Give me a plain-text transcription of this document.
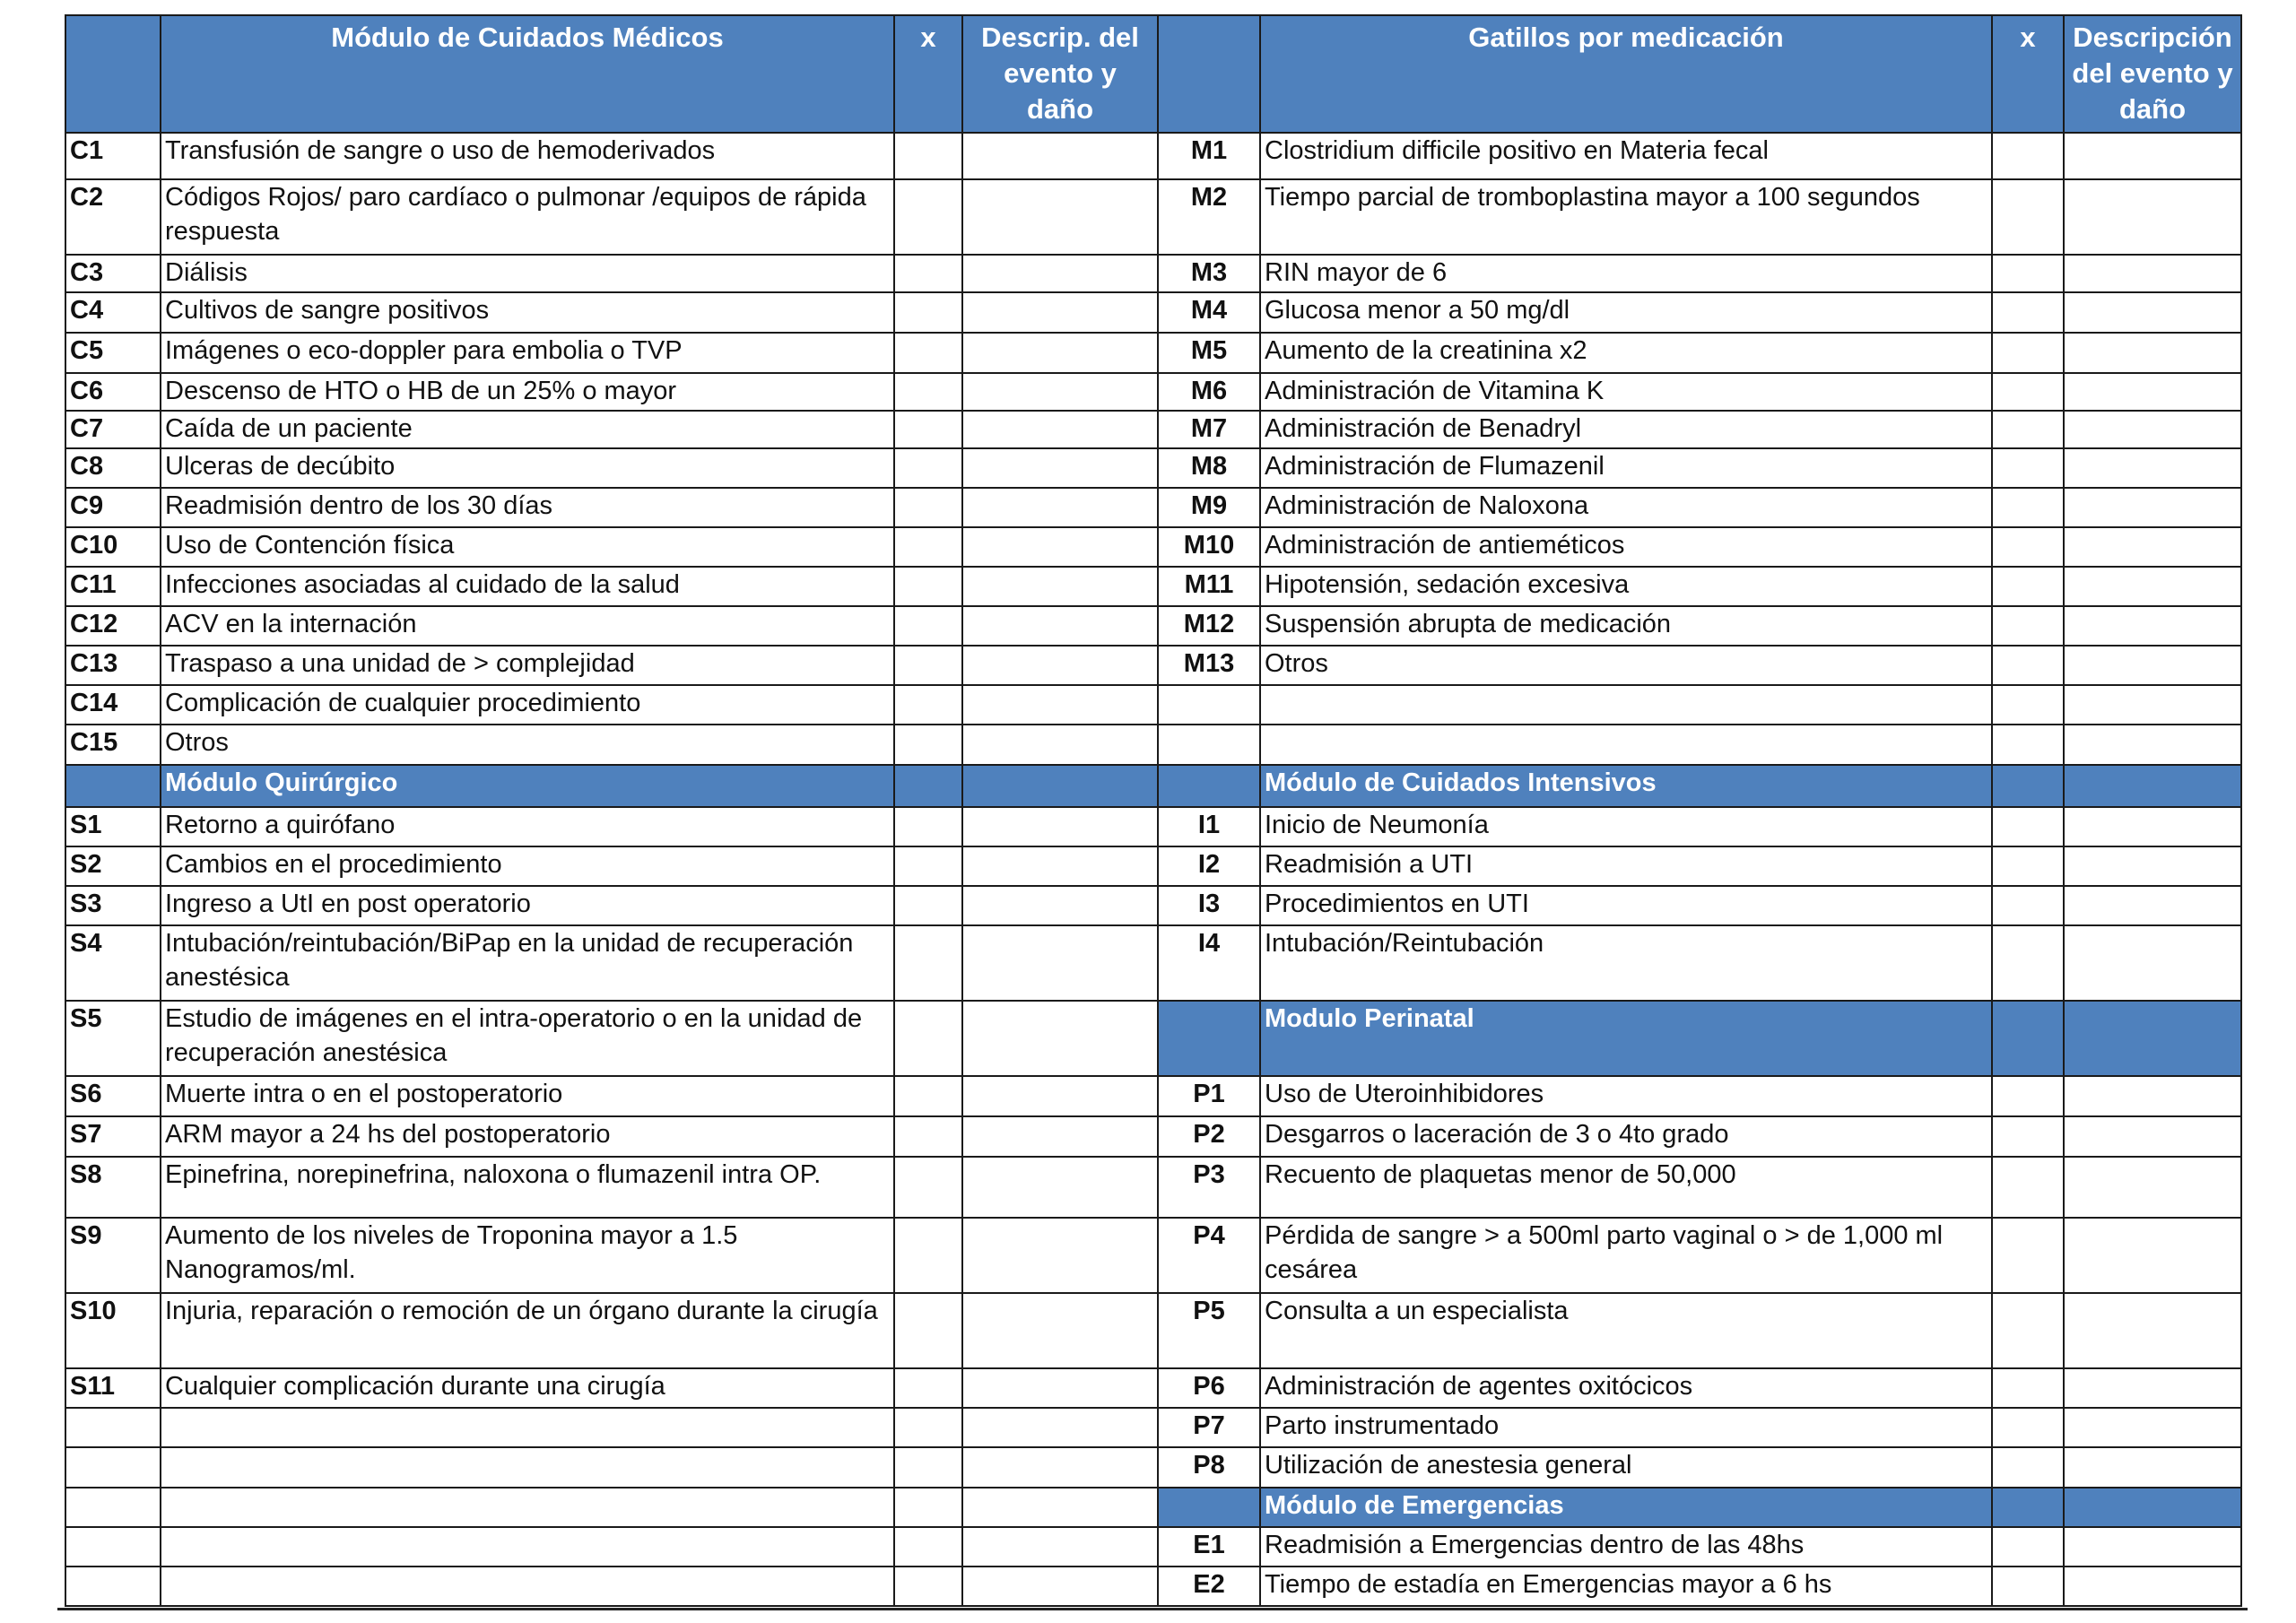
	Módulo de Cuidados Médicos	x	Descrip. del evento y daño		Gatillos por medicación	x	Descripción del evento y daño
C1	Transfusión de sangre o uso de hemoderivados			M1	Clostridium difficile positivo en Materia fecal		
C2	Códigos Rojos/ paro cardíaco o pulmonar /equipos de rápida respuesta			M2	Tiempo parcial de tromboplastina mayor a 100 segundos		
C3	Diálisis			M3	RIN mayor de 6		
C4	Cultivos de sangre positivos			M4	Glucosa menor a 50 mg/dl		
C5	Imágenes o eco-doppler para embolia o TVP			M5	Aumento de la creatinina x2		
C6	Descenso de HTO o HB de un 25% o mayor			M6	Administración de Vitamina K		
C7	Caída de un paciente			M7	Administración de Benadryl		
C8	Ulceras de decúbito			M8	Administración de Flumazenil		
C9	Readmisión dentro de los 30 días			M9	Administración de Naloxona		
C10	Uso de Contención física			M10	Administración de antieméticos		
C11	Infecciones asociadas al cuidado de la salud			M11	Hipotensión, sedación excesiva		
C12	ACV en la internación			M12	Suspensión abrupta de medicación		
C13	Traspaso a una unidad de > complejidad			M13	Otros		
C14	Complicación de cualquier procedimiento						
C15	Otros						
	Módulo Quirúrgico				Módulo de Cuidados Intensivos		
S1	Retorno a quirófano			I1	Inicio de Neumonía		
S2	Cambios en el procedimiento			I2	Readmisión a UTI		
S3	Ingreso a UtI en post operatorio			I3	Procedimientos en UTI		
S4	Intubación/reintubación/BiPap en la unidad de recuperación anestésica			I4	Intubación/Reintubación		
S5	Estudio de imágenes en el intra-operatorio o en la unidad de recuperación anestésica				Modulo Perinatal		
S6	Muerte intra o en el postoperatorio			P1	Uso de Uteroinhibidores		
S7	ARM mayor a 24 hs del postoperatorio			P2	Desgarros o laceración de 3 o 4to grado		
S8	Epinefrina, norepinefrina, naloxona o flumazenil intra OP.			P3	Recuento de plaquetas menor de 50,000		
S9	Aumento de los niveles de Troponina mayor a 1.5 Nanogramos/ml.			P4	Pérdida de sangre > a 500ml parto vaginal o > de 1,000 ml cesárea		
S10	Injuria, reparación o remoción de un órgano durante la cirugía			P5	Consulta a un especialista		
S11	Cualquier complicación durante una cirugía			P6	Administración de agentes oxitócicos		
				P7	Parto instrumentado		
				P8	Utilización de anestesia general		
					Módulo de Emergencias		
				E1	Readmisión a Emergencias dentro de las 48hs		
				E2	Tiempo de estadía en Emergencias mayor a 6 hs		
